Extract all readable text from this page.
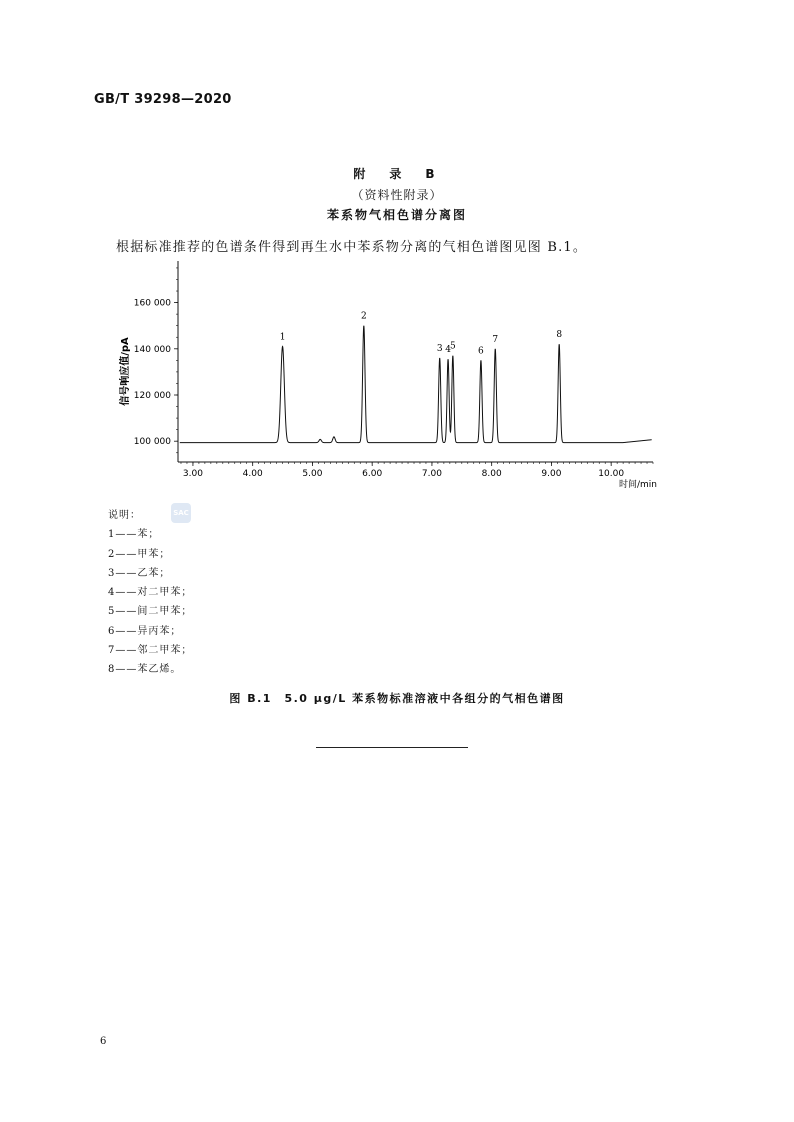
GB/T 39298—2020
附　录　B
（资料性附录）
苯系物气相色谱分离图
根据标准推荐的色谱条件得到再生水中苯系物分离的气相色谱图见图 B.1。
100 000
120 000
140 000
160 000
3.00	4.00	5.00	6.00	7.00	8.00	9.00	10.00
1
2
3 4 5 6
7	8
信号响应值/pA
时间/min
说明：
1——苯；
2——甲苯；
3——乙苯；
4——对二甲苯；
5——间二甲苯；
6——异丙苯；
7——邻二甲苯；
8——苯乙烯。
SAC
图 B.1　5.0 μg/L 苯系物标准溶液中各组分的气相色谱图
6
